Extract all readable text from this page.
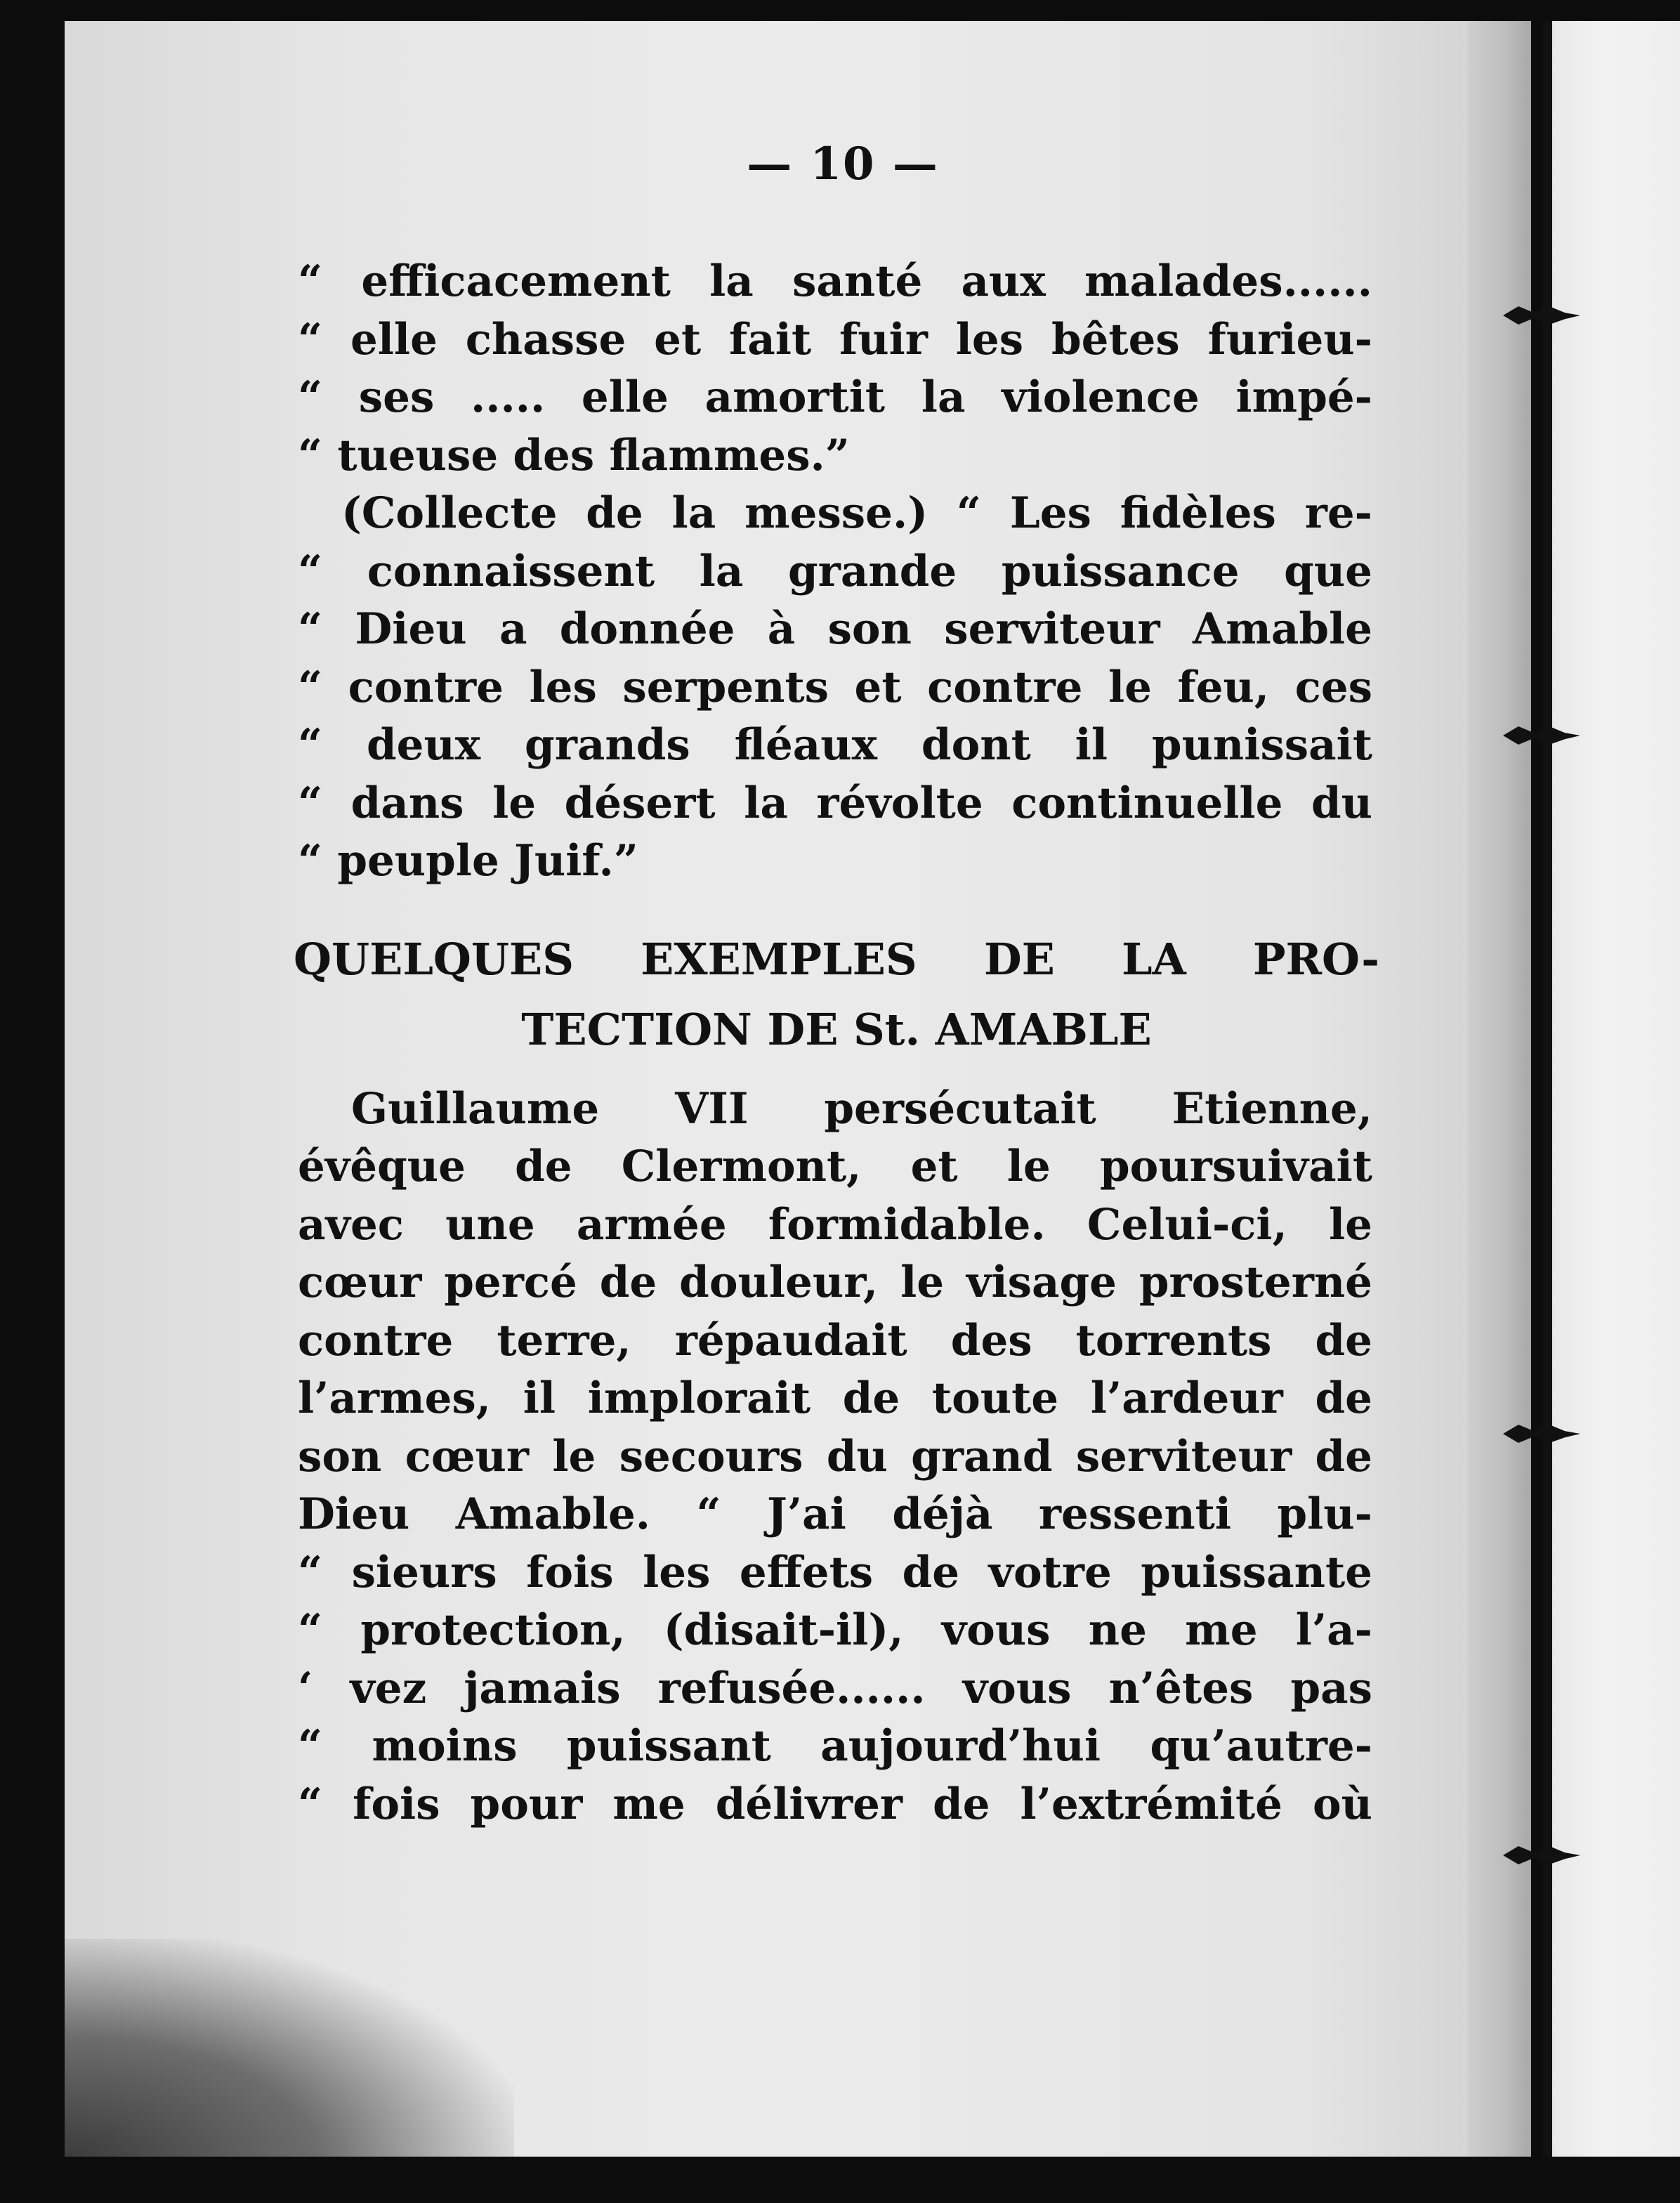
— 10 —
“ efficacement la santé aux malades......
“ elle chasse et fait fuir les bêtes furieu-
“ ses ..... elle amortit la violence impé-
“ tueuse des flammes.”
(Collecte de la messe.) “ Les fidèles re-
“ connaissent la grande puissance que
“ Dieu a donnée à son serviteur Amable
“ contre les serpents et contre le feu, ces
“ deux grands fléaux dont il punissait
“ dans le désert la révolte continuelle du
“ peuple Juif.”
QUELQUES EXEMPLES DE LA PRO-
TECTION DE St. AMABLE
Guillaume VII persécutait Etienne,
évêque de Clermont, et le poursuivait
avec une armée formidable. Celui-ci, le
cœur percé de douleur, le visage prosterné
contre terre, répaudait des torrents de
l’armes, il implorait de toute l’ardeur de
son cœur le secours du grand serviteur de
Dieu Amable. “ J’ai déjà ressenti plu-
“ sieurs fois les effets de votre puissante
“ protection, (disait-il), vous ne me l’a-
‘ vez jamais refusée...... vous n’êtes pas
“ moins puissant aujourd’hui qu’autre-
“ fois pour me délivrer de l’extrémité où
